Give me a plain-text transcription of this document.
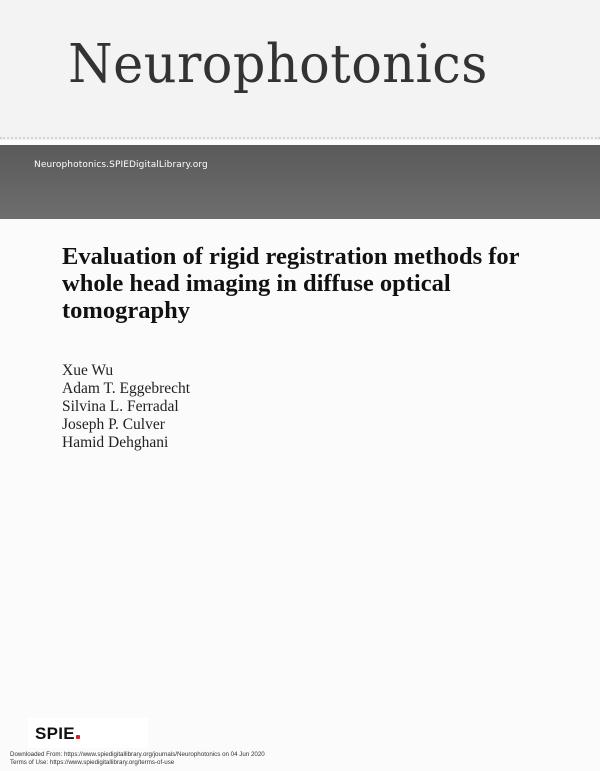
Neurophotonics
Neurophotonics.SPIEDigitalLibrary.org
Evaluation of rigid registration methods for whole head imaging in diffuse optical tomography
Xue Wu
Adam T. Eggebrecht
Silvina L. Ferradal
Joseph P. Culver
Hamid Dehghani
SPIE
Downloaded From: https://www.spiedigitallibrary.org/journals/Neurophotonics on 04 Jun 2020
Terms of Use: https://www.spiedigitallibrary.org/terms-of-use
